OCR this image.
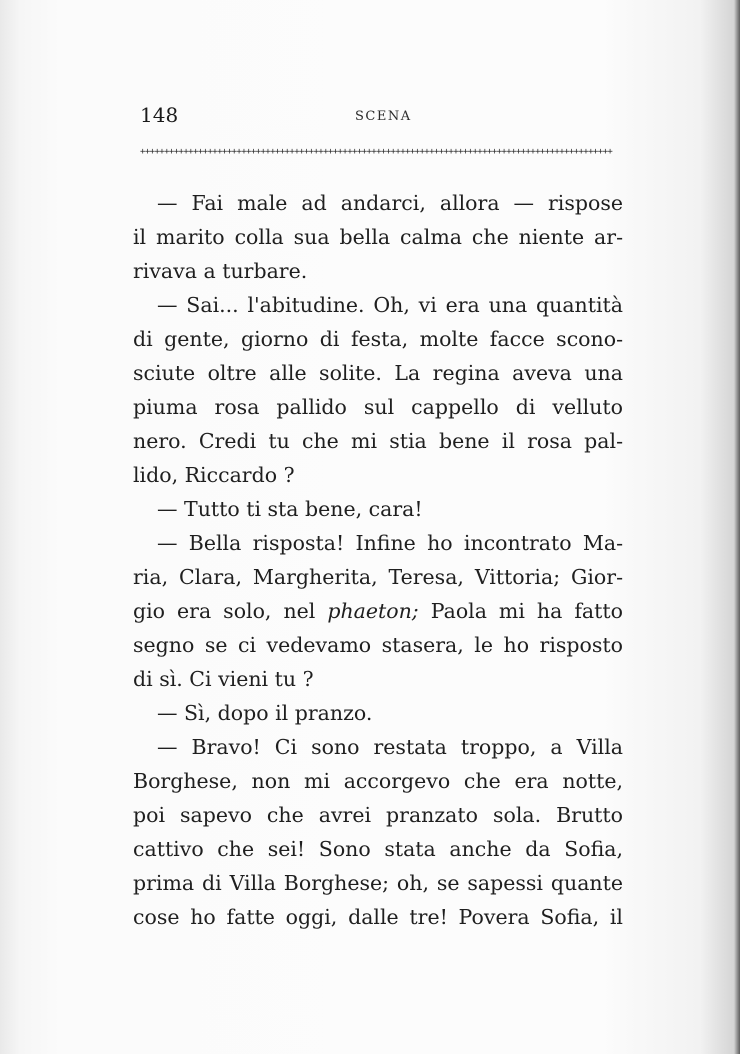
148	SCENA
++++++++++++++++++++++++++++++++++++++++++++++++++++++++++++++++++++++++++++++++++++++++++++++++++
— Fai male ad andarci, allora — rispose
il marito colla sua bella calma che niente ar-
rivava a turbare.
— Sai... l'abitudine. Oh, vi era una quantità
di gente, giorno di festa, molte facce scono-
sciute oltre alle solite. La regina aveva una
piuma rosa pallido sul cappello di velluto
nero. Credi tu che mi stia bene il rosa pal-
lido, Riccardo ?
— Tutto ti sta bene, cara!
— Bella risposta! Infine ho incontrato Ma-
ria, Clara, Margherita, Teresa, Vittoria; Gior-
gio era solo, nel phaeton; Paola mi ha fatto
segno se ci vedevamo stasera, le ho risposto
di sì. Ci vieni tu ?
— Sì, dopo il pranzo.
— Bravo! Ci sono restata troppo, a Villa
Borghese, non mi accorgevo che era notte,
poi sapevo che avrei pranzato sola. Brutto
cattivo che sei! Sono stata anche da Sofia,
prima di Villa Borghese; oh, se sapessi quante
cose ho fatte oggi, dalle tre! Povera Sofia, il
